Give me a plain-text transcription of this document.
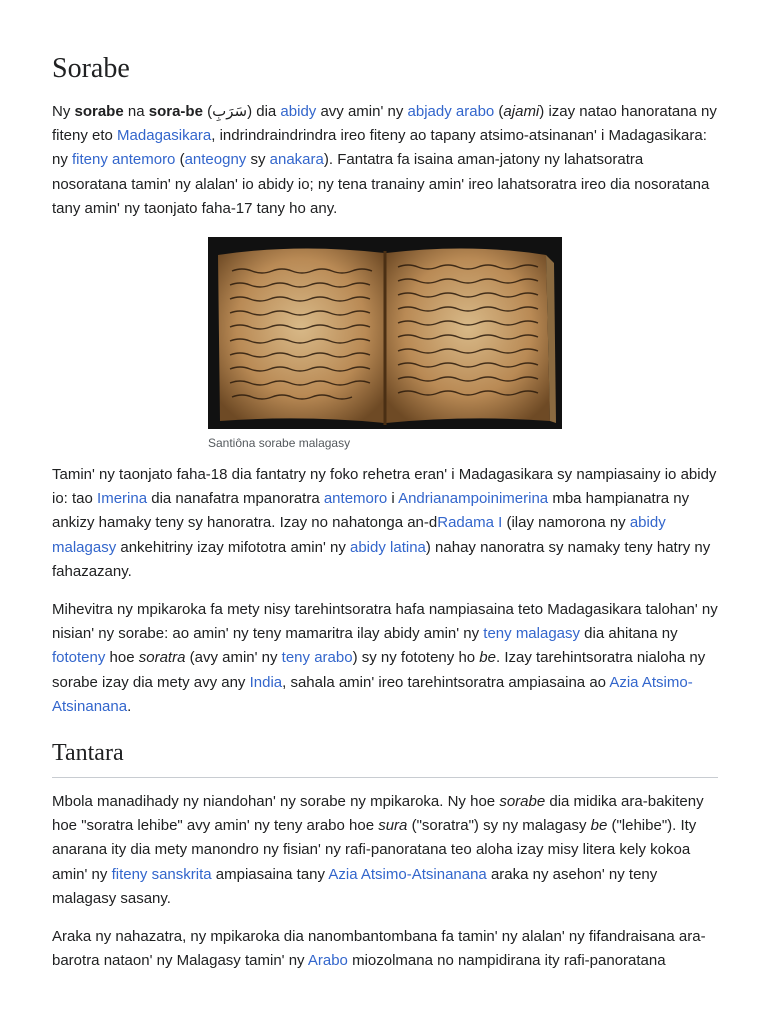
Sorabe

Ny sorabe na sora-be (سَرَبِ) dia abidy avy amin' ny abjady arabo (ajami) izay natao hanoratana ny fiteny eto Madagasikara, indrindraindrindra ireo fiteny ao tapany atsimo-atsinanan' i Madagasikara: ny fiteny antemoro (anteogny sy anakara). Fantatra fa isaina aman-jatony ny lahatsoratra nosoratana tamin' ny alalan' io abidy io; ny tena tranainy amin' ireo lahatsoratra ireo dia nosoratana tany amin' ny taonjato faha-17 tany ho any.

Santiôna sorabe malagasy

Tamin' ny taonjato faha-18 dia fantatry ny foko rehetra eran' i Madagasikara sy nampiasainy io abidy io: tao Imerina dia nanafatra mpanoratra antemoro i Andrianampoinimerina mba hampianatra ny ankizy hamaky teny sy hanoratra. Izay no nahatonga an-dRadama I (ilay namorona ny abidy malagasy ankehitriny izay mifototra amin' ny abidy latina) nahay nanoratra sy namaky teny hatry ny fahazazany.

Mihevitra ny mpikaroka fa mety nisy tarehintsoratra hafa nampiasaina teto Madagasikara talohan' ny nisian' ny sorabe: ao amin' ny teny mamaritra ilay abidy amin' ny teny malagasy dia ahitana ny fototeny hoe soratra (avy amin' ny teny arabo) sy ny fototeny ho be. Izay tarehintsoratra nialoha ny sorabe izay dia mety avy any India, sahala amin' ireo tarehintsoratra ampiasaina ao Azia Atsimo-Atsinanana.

Tantara

Mbola manadihady ny niandohan' ny sorabe ny mpikaroka. Ny hoe sorabe dia midika ara-bakiteny hoe "soratra lehibe" avy amin' ny teny arabo hoe sura ("soratra") sy ny malagasy be ("lehibe"). Ity anarana ity dia mety manondro ny fisian' ny rafi-panoratana teo aloha izay misy litera kely kokoa amin' ny fiteny sanskrita ampiasaina tany Azia Atsimo-Atsinanana araka ny asehon' ny teny malagasy sasany.

Araka ny nahazatra, ny mpikaroka dia nanombantombana fa tamin' ny alalan' ny fifandraisana ara-barotra nataon' ny Malagasy tamin' ny Arabo miozolmana no nampidirana ity rafi-panoratana
